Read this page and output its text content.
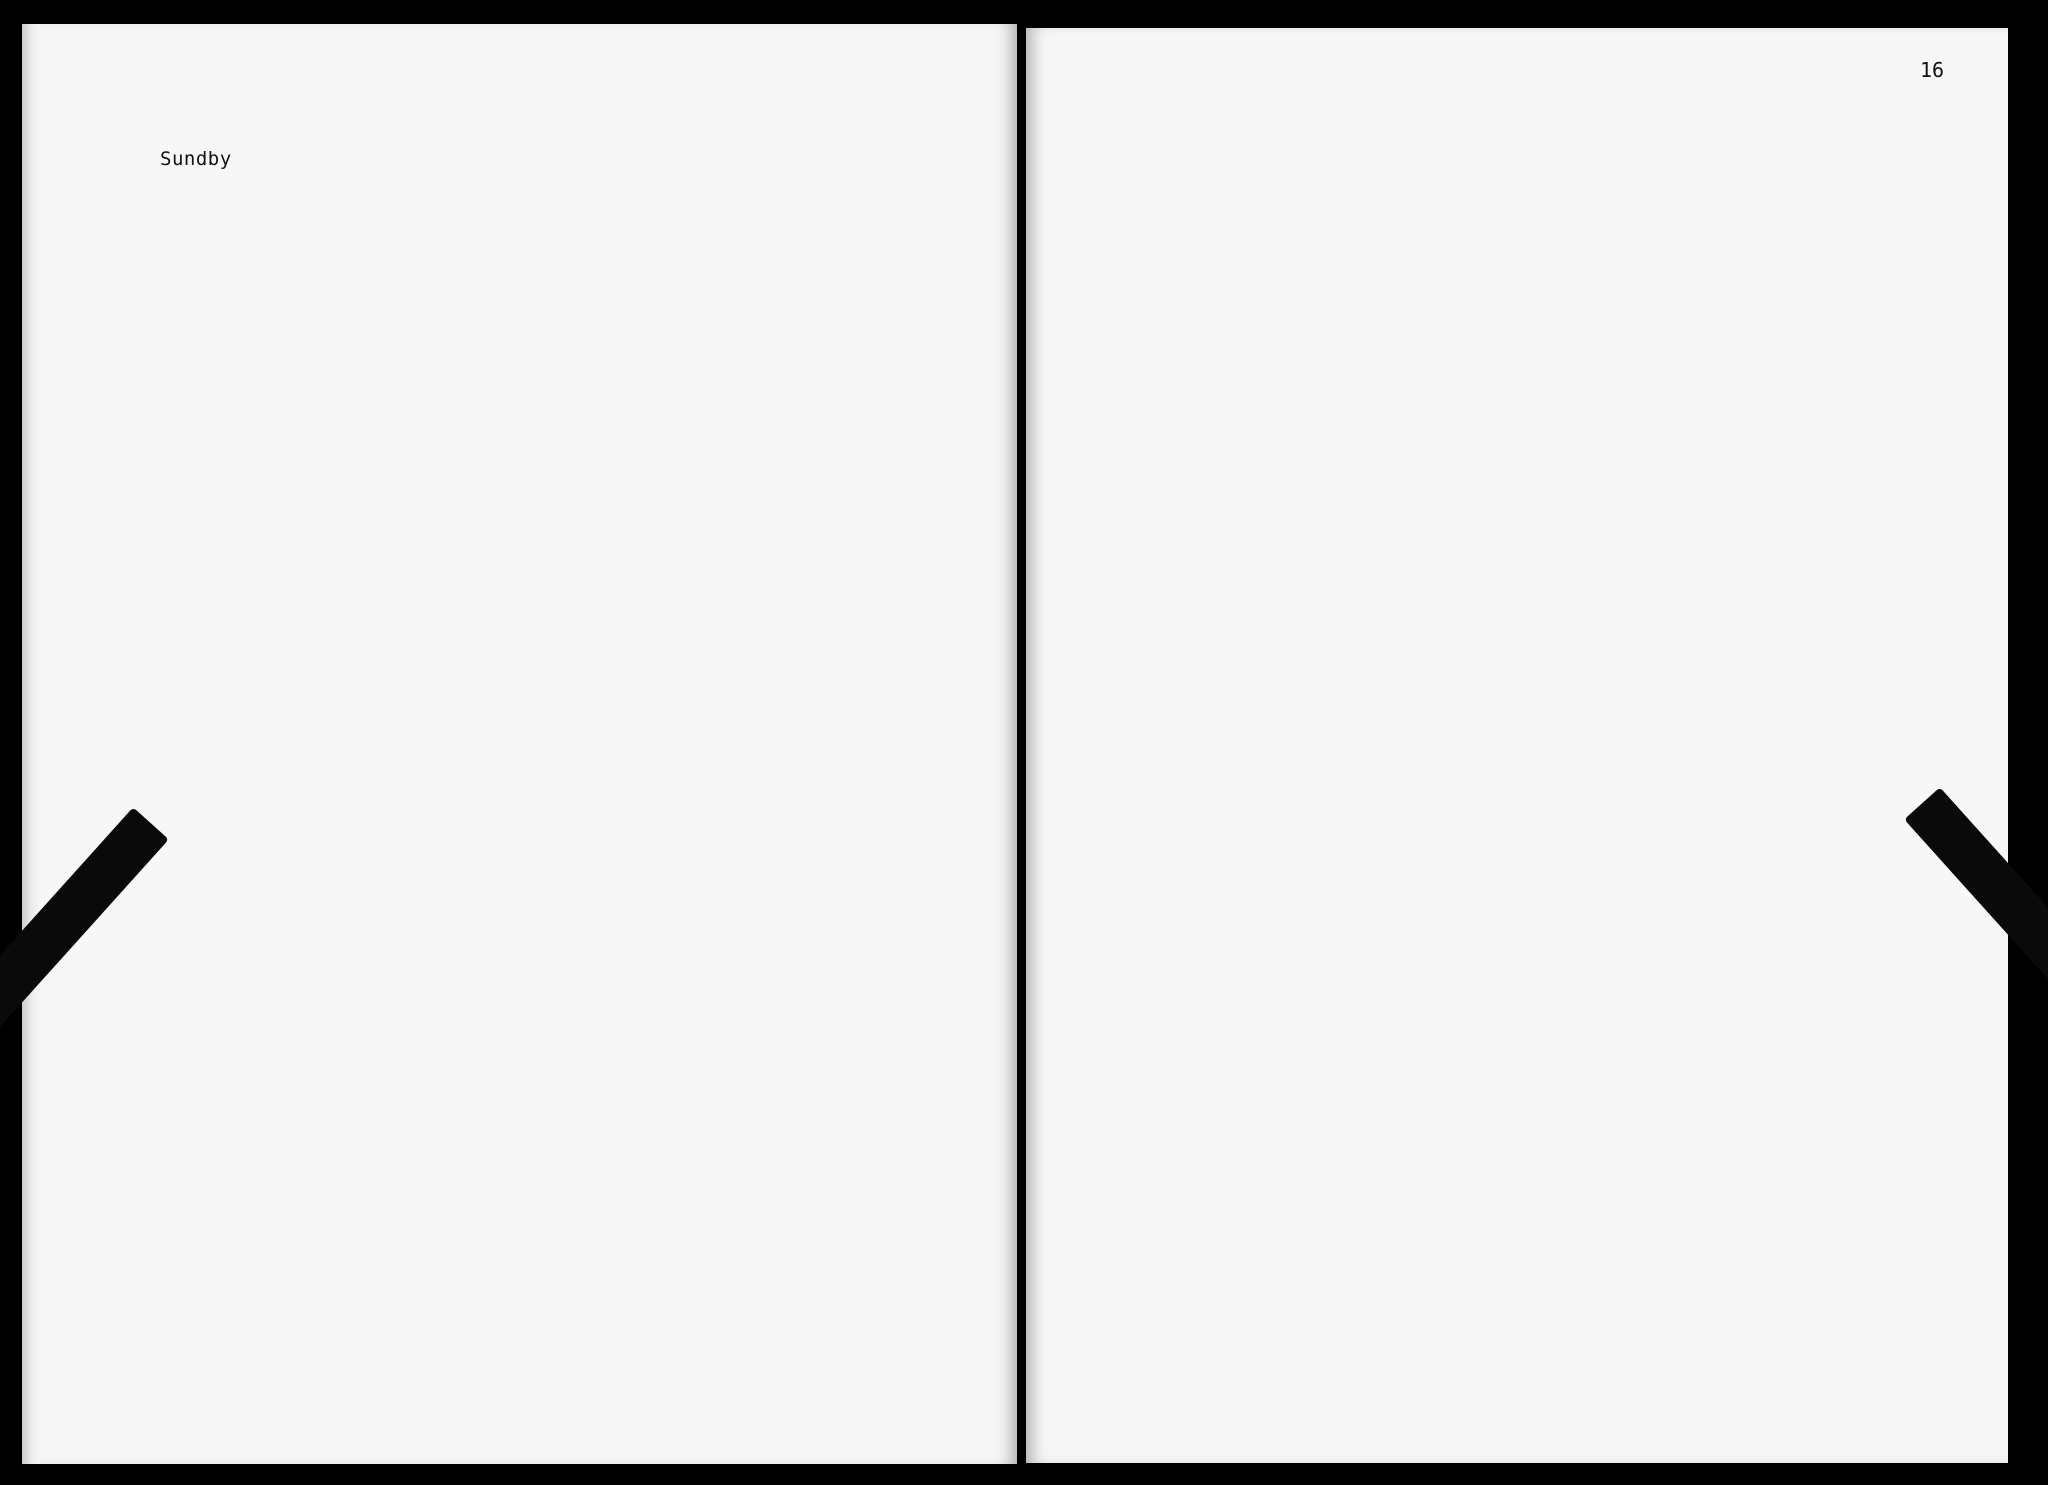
16
Sundby
